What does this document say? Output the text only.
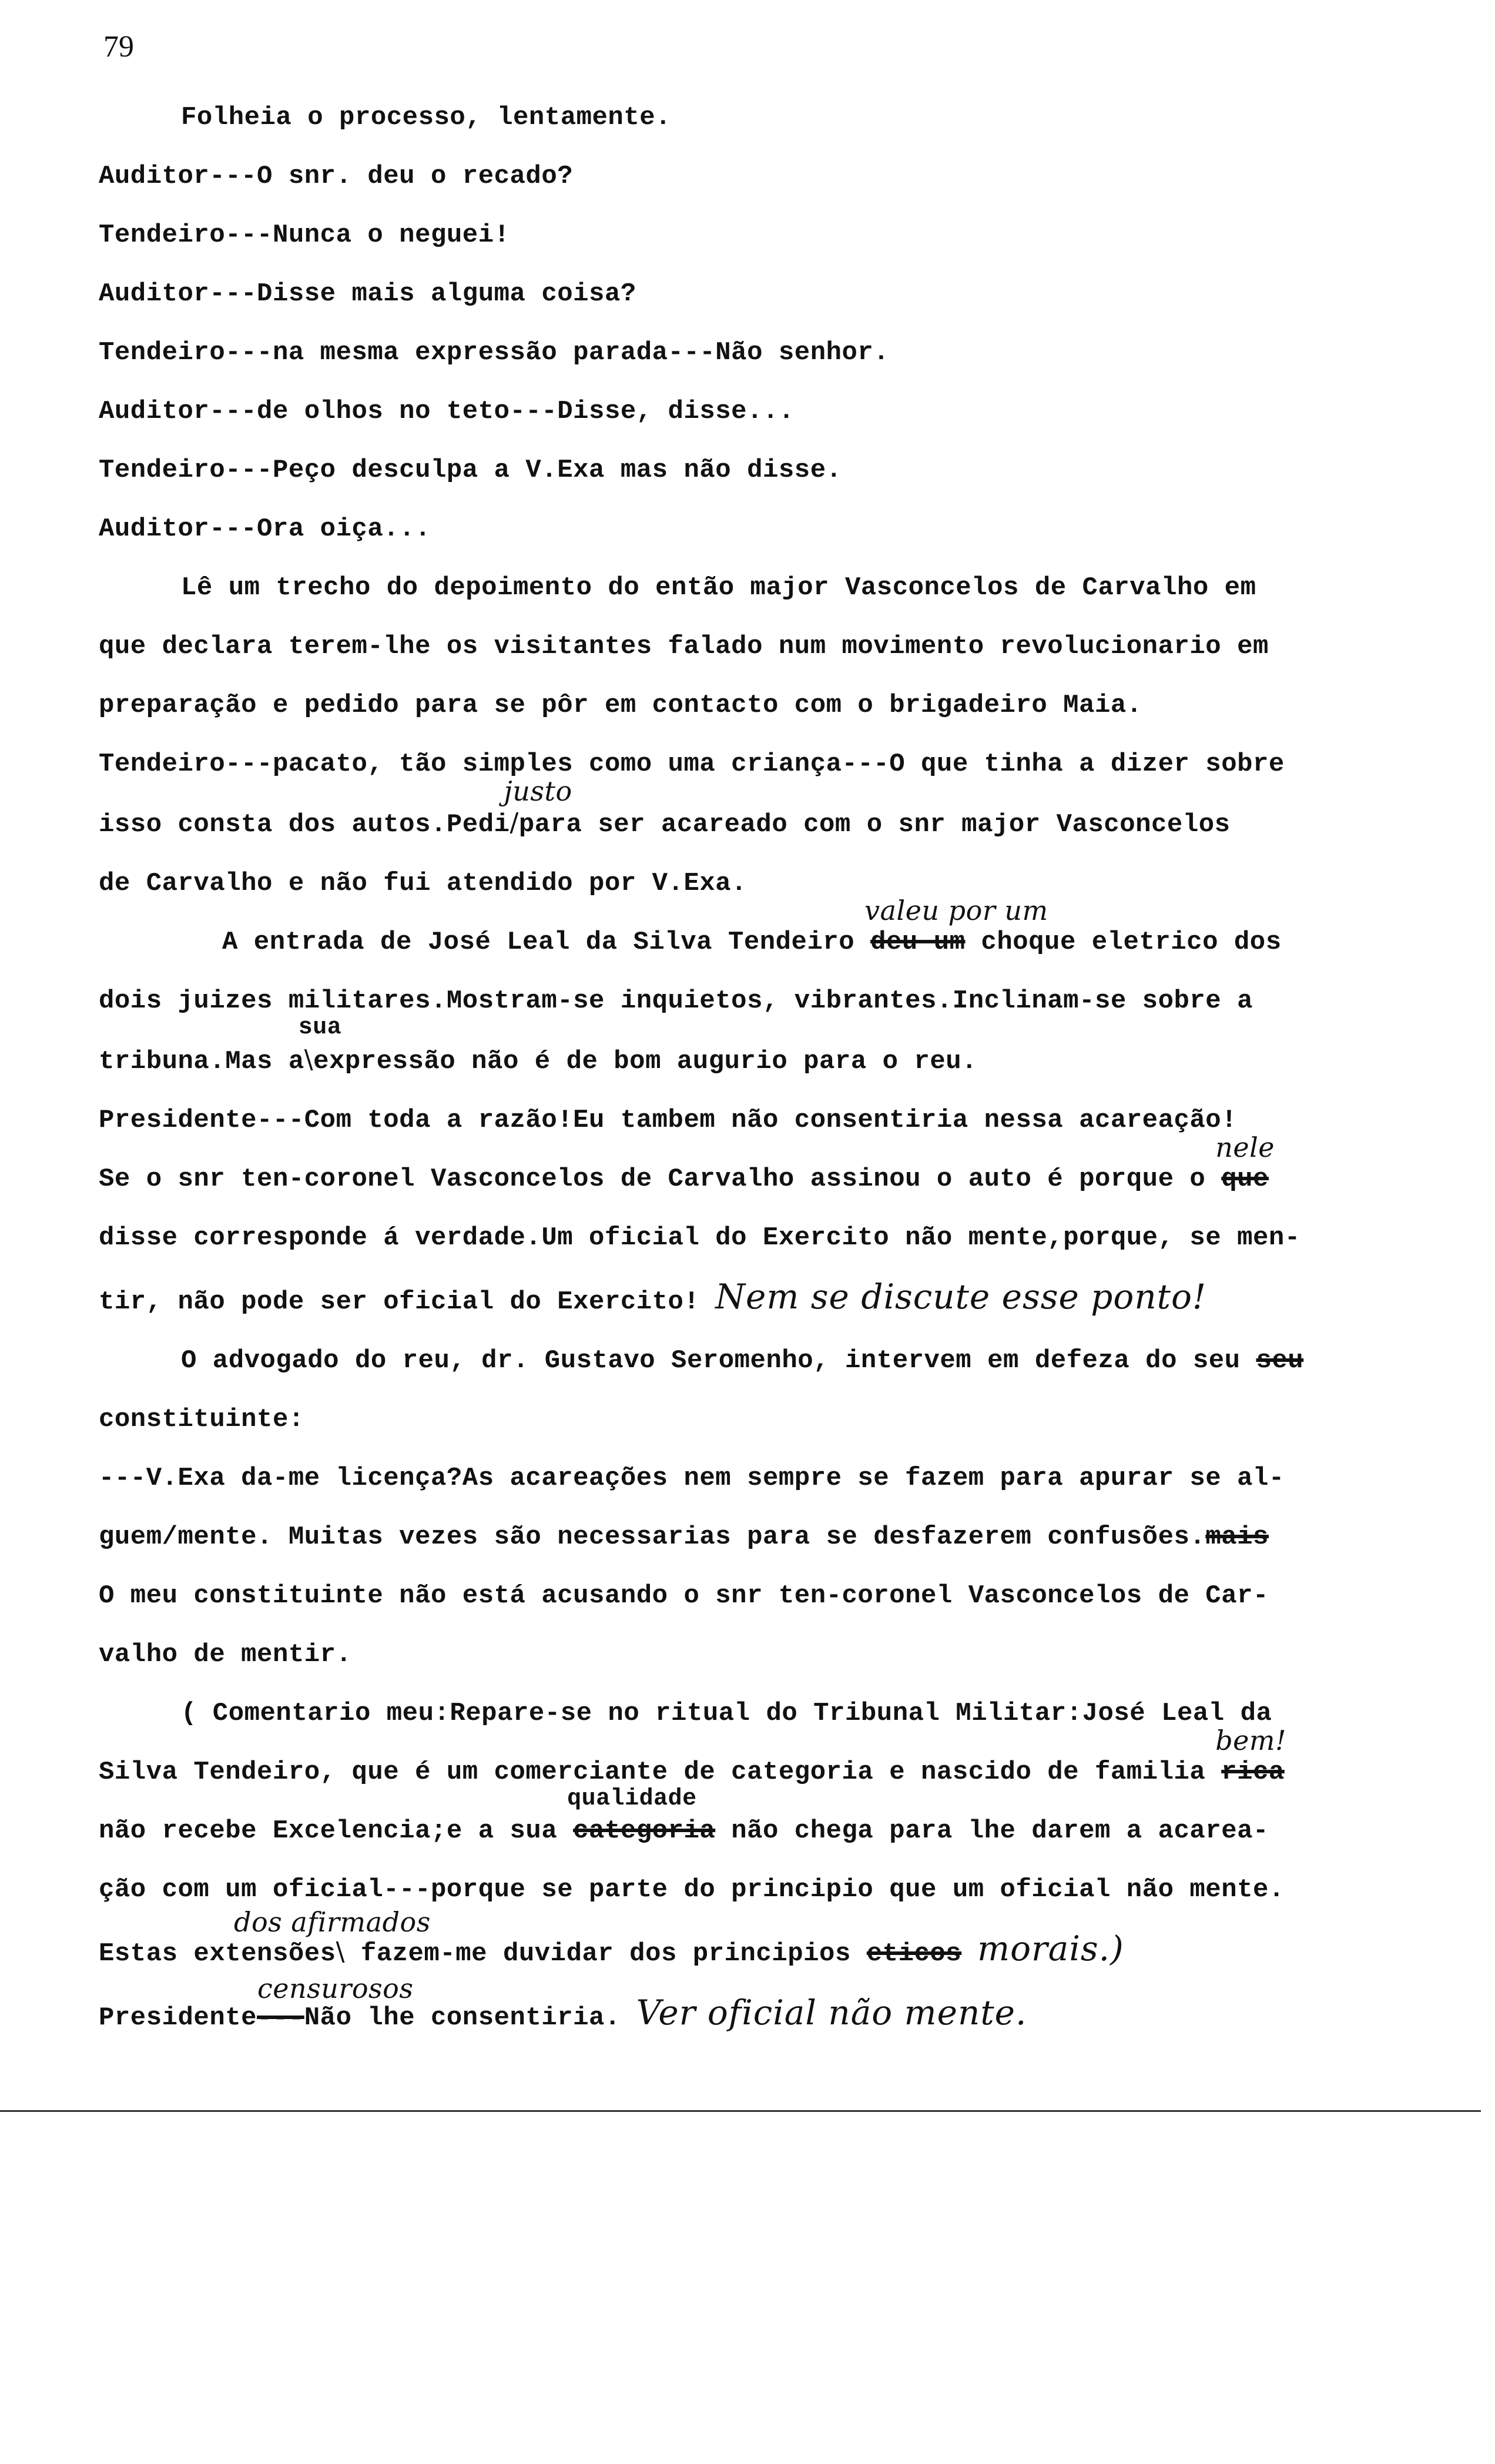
79
Folheia o processo, lentamente.
Auditor---O snr. deu o recado?
Tendeiro---Nunca o neguei!
Auditor---Disse mais alguma coisa?
Tendeiro---na mesma expressão parada---Não senhor.
Auditor---de olhos no teto---Disse, disse...
Tendeiro---Peço desculpa a V.Exa mas não disse.
Auditor---Ora oiça...
Lê um trecho do depoimento do então major Vasconcelos de Carvalho em
que declara terem-lhe os visitantes falado num movimento revolucionario em
preparação e pedido para se pôr em contacto com o brigadeiro Maia.
Tendeiro---pacato, tão simples como uma criança---O que tinha a dizer sobre
isso consta dos autos.Pedi
justo
/para ser acareado com o snr major Vasconcelos
de Carvalho e não fui atendido por V.Exa.
A entrada de José Leal da Silva Tendeiro
valeu por um
deu um choque eletrico dos
dois juizes militares.Mostram-se inquietos, vibrantes.Inclinam-se sobre a
tribuna.Mas a
sua
\expressão não é de bom augurio para o reu.
Presidente---Com toda a razão!Eu tambem não consentiria nessa acareação!
Se o snr ten-coronel Vasconcelos de Carvalho assinou o auto é porque o
nele
que
disse corresponde á verdade.Um oficial do Exercito não mente,porque, se men-
tir, não pode ser oficial do Exercito! Nem se discute esse ponto!
O advogado do reu, dr. Gustavo Seromenho, intervem em defeza do seu seu
constituinte:
---V.Exa da-me licença?As acareações nem sempre se fazem para apurar se al-
guem/mente. Muitas vezes são necessarias para se desfazerem confusões.mais
O meu constituinte não está acusando o snr ten-coronel Vasconcelos de Car-
valho de mentir.
( Comentario meu:Repare-se no ritual do Tribunal Militar:José Leal da
Silva Tendeiro, que é um comerciante de categoria e nascido de familia
bem!
rica
não recebe Excelencia;e a sua
qualidade
categoria não chega para lhe darem a acarea-
ção com um oficial---porque se parte do principio que um oficial não mente.
dos afirmados
Estas extensões\ fazem-me duvidar dos principios eticos morais.)
censurosos
Presidente---Não lhe consentiria. Ver oficial não mente.
